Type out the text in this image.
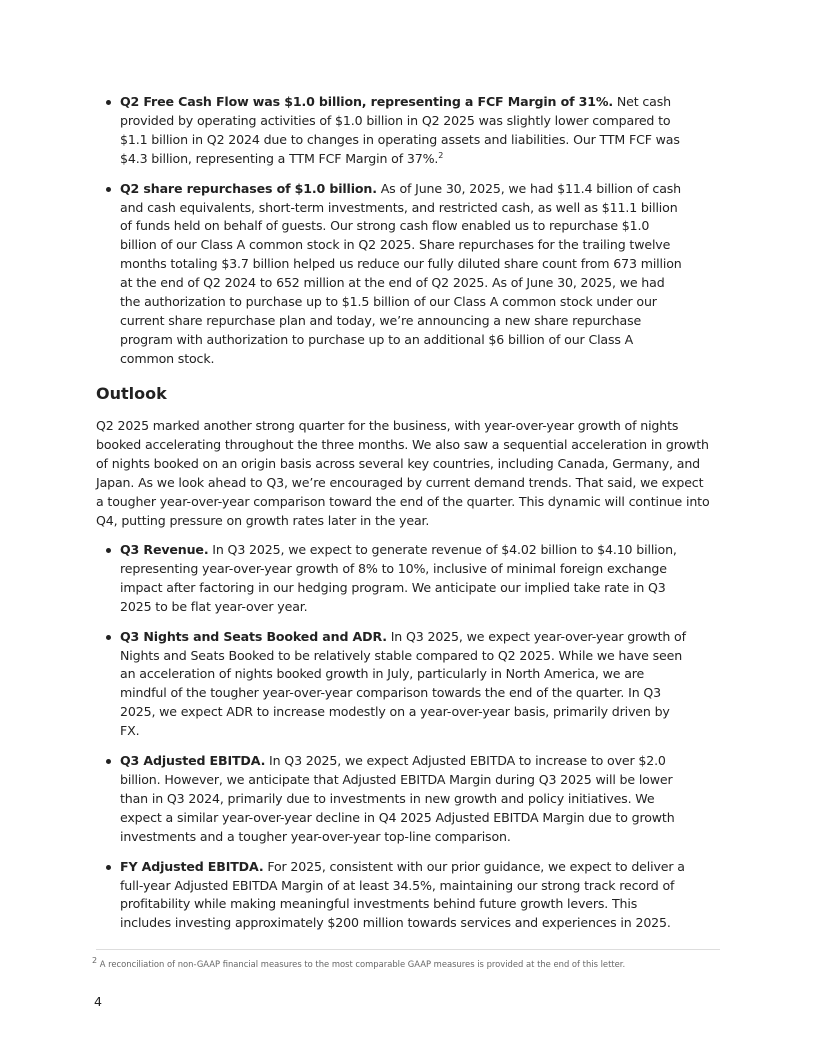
Q2 Free Cash Flow was $1.0 billion, representing a FCF Margin of 31%. Net cash provided by operating activities of $1.0 billion in Q2 2025 was slightly lower compared to $1.1 billion in Q2 2024 due to changes in operating assets and liabilities. Our TTM FCF was $4.3 billion, representing a TTM FCF Margin of 37%.$^2$
Q2 share repurchases of $1.0 billion. As of June 30, 2025, we had $11.4 billion of cash and cash equivalents, short-term investments, and restricted cash, as well as $11.1 billion of funds held on behalf of guests. Our strong cash flow enabled us to repurchase $1.0 billion of our Class A common stock in Q2 2025. Share repurchases for the trailing twelve months totaling $3.7 billion helped us reduce our fully diluted share count from 673 million at the end of Q2 2024 to 652 million at the end of Q2 2025. As of June 30, 2025, we had the authorization to purchase up to $1.5 billion of our Class A common stock under our current share repurchase plan and today, we’re announcing a new share repurchase program with authorization to purchase up to an additional $6 billion of our Class A common stock.
Outlook

Q2 2025 marked another strong quarter for the business, with year-over-year growth of nights booked accelerating throughout the three months. We also saw a sequential acceleration in growth of nights booked on an origin basis across several key countries, including Canada, Germany, and Japan. As we look ahead to Q3, we’re encouraged by current demand trends. That said, we expect a tougher year-over-year comparison toward the end of the quarter. This dynamic will continue into Q4, putting pressure on growth rates later in the year.

Q3 Revenue. In Q3 2025, we expect to generate revenue of $4.02 billion to $4.10 billion, representing year-over-year growth of 8% to 10%, inclusive of minimal foreign exchange impact after factoring in our hedging program. We anticipate our implied take rate in Q3 2025 to be flat year-over year.
Q3 Nights and Seats Booked and ADR. In Q3 2025, we expect year-over-year growth of Nights and Seats Booked to be relatively stable compared to Q2 2025. While we have seen an acceleration of nights booked growth in July, particularly in North America, we are mindful of the tougher year-over-year comparison towards the end of the quarter. In Q3 2025, we expect ADR to increase modestly on a year-over-year basis, primarily driven by FX.
Q3 Adjusted EBITDA. In Q3 2025, we expect Adjusted EBITDA to increase to over $2.0 billion. However, we anticipate that Adjusted EBITDA Margin during Q3 2025 will be lower than in Q3 2024, primarily due to investments in new growth and policy initiatives. We expect a similar year-over-year decline in Q4 2025 Adjusted EBITDA Margin due to growth investments and a tougher year-over-year top-line comparison.
FY Adjusted EBITDA. For 2025, consistent with our prior guidance, we expect to deliver a full-year Adjusted EBITDA Margin of at least 34.5%, maintaining our strong track record of profitability while making meaningful investments behind future growth levers. This includes investing approximately $200 million towards services and experiences in 2025.
$^2$ A reconciliation of non-GAAP financial measures to the most comparable GAAP measures is provided at the end of this letter.
4
